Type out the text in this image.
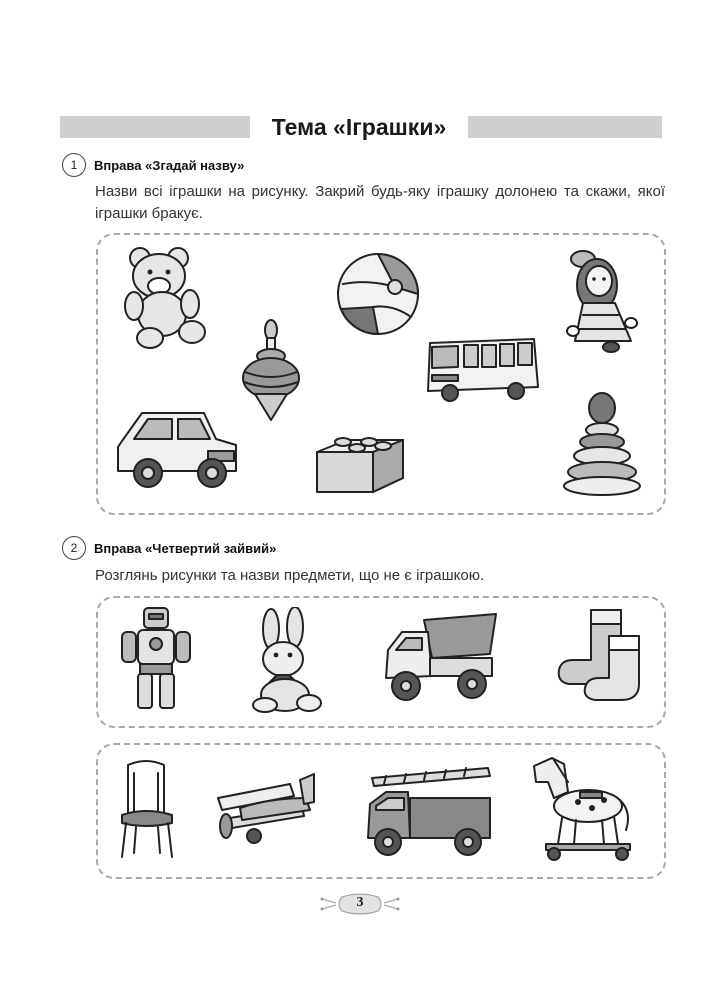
Тема «Іграшки»
1	Вправа «Згадай назву»
Назви всі іграшки на рисунку. Закрий будь-яку іграшку долонею та скажи, якої іграшки бракує.
2	Вправа «Четвертий зайвий»
Розглянь рисунки та назви предмети, що не є іграшкою.
3
